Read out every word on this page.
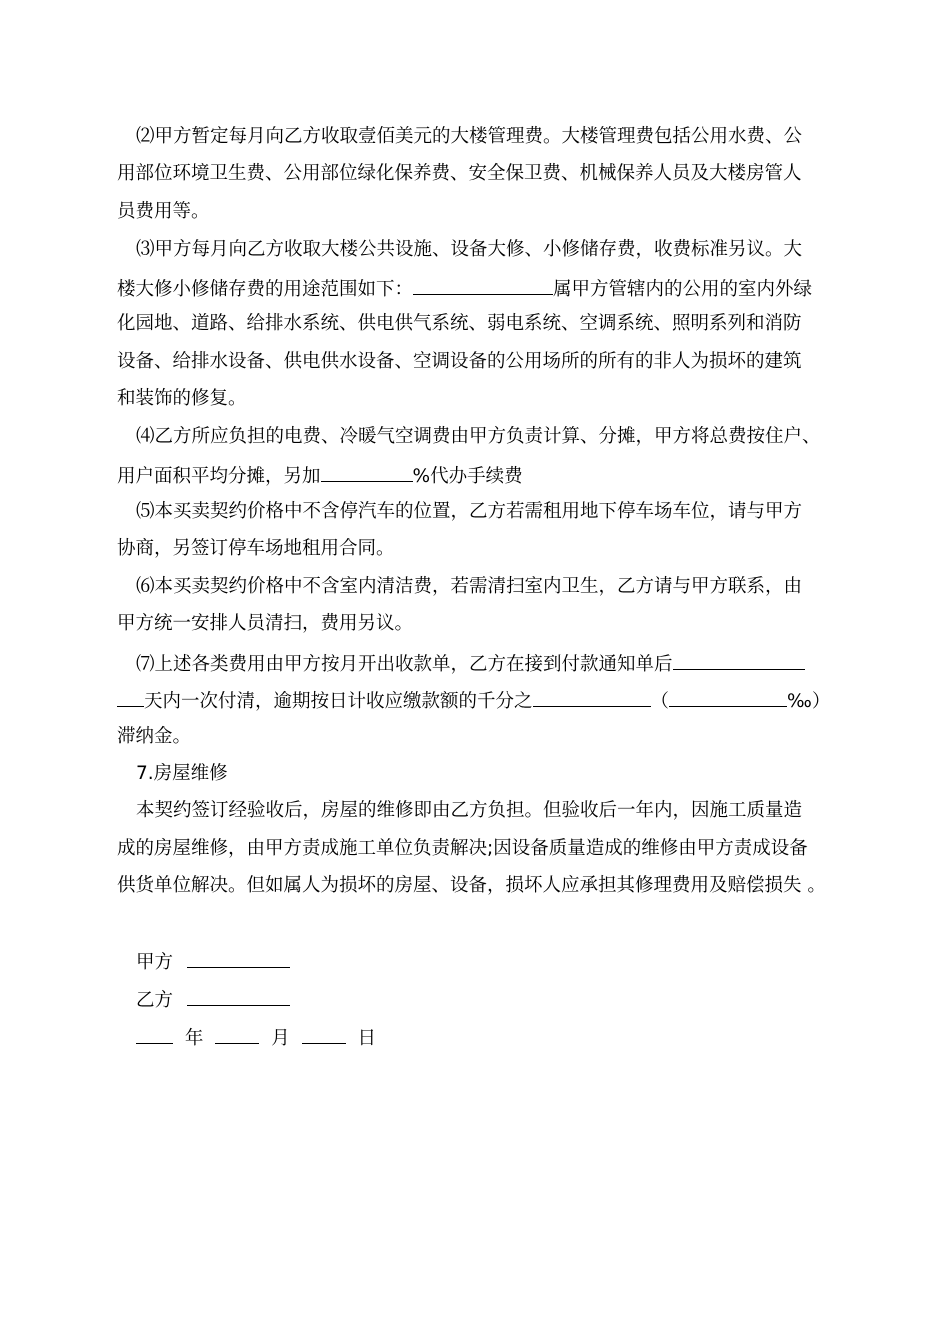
⑵甲方暂定每月向乙方收取壹佰美元的大楼管理费。大楼管理费包括公用水费、公
用部位环境卫生费、公用部位绿化保养费、安全保卫费、机械保养人员及大楼房管人
员费用等。
⑶甲方每月向乙方收取大楼公共设施、设备大修、小修储存费，收费标准另议。大
楼大修小修储存费的用途范围如下：	属甲方管辖内的公用的室内外绿
化园地、道路、给排水系统、供电供气系统、弱电系统、空调系统、照明系列和消防
设备、给排水设备、供电供水设备、空调设备的公用场所的所有的非人为损坏的建筑
和装饰的修复。
⑷乙方所应负担的电费、冷暖气空调费由甲方负责计算、分摊，甲方将总费按住户、
用户面积平均分摊，另加	%代办手续费
⑸本买卖契约价格中不含停汽车的位置，乙方若需租用地下停车场车位，请与甲方
协商，另签订停车场地租用合同。
⑹本买卖契约价格中不含室内清洁费，若需清扫室内卫生，乙方请与甲方联系，由
甲方统一安排人员清扫，费用另议。
⑺上述各类费用由甲方按月开出收款单，乙方在接到付款通知单后
天内一次付清，逾期按日计收应缴款额的千分之	（	‰）
滞纳金。
7.房屋维修
本契约签订经验收后，房屋的维修即由乙方负担。但验收后一年内，因施工质量造
成的房屋维修，由甲方责成施工单位负责解决;因设备质量造成的维修由甲方责成设备
供货单位解决。但如属人为损坏的房屋、设备，损坏人应承担其修理费用及赔偿损失 。
甲方
乙方
年	月	日
